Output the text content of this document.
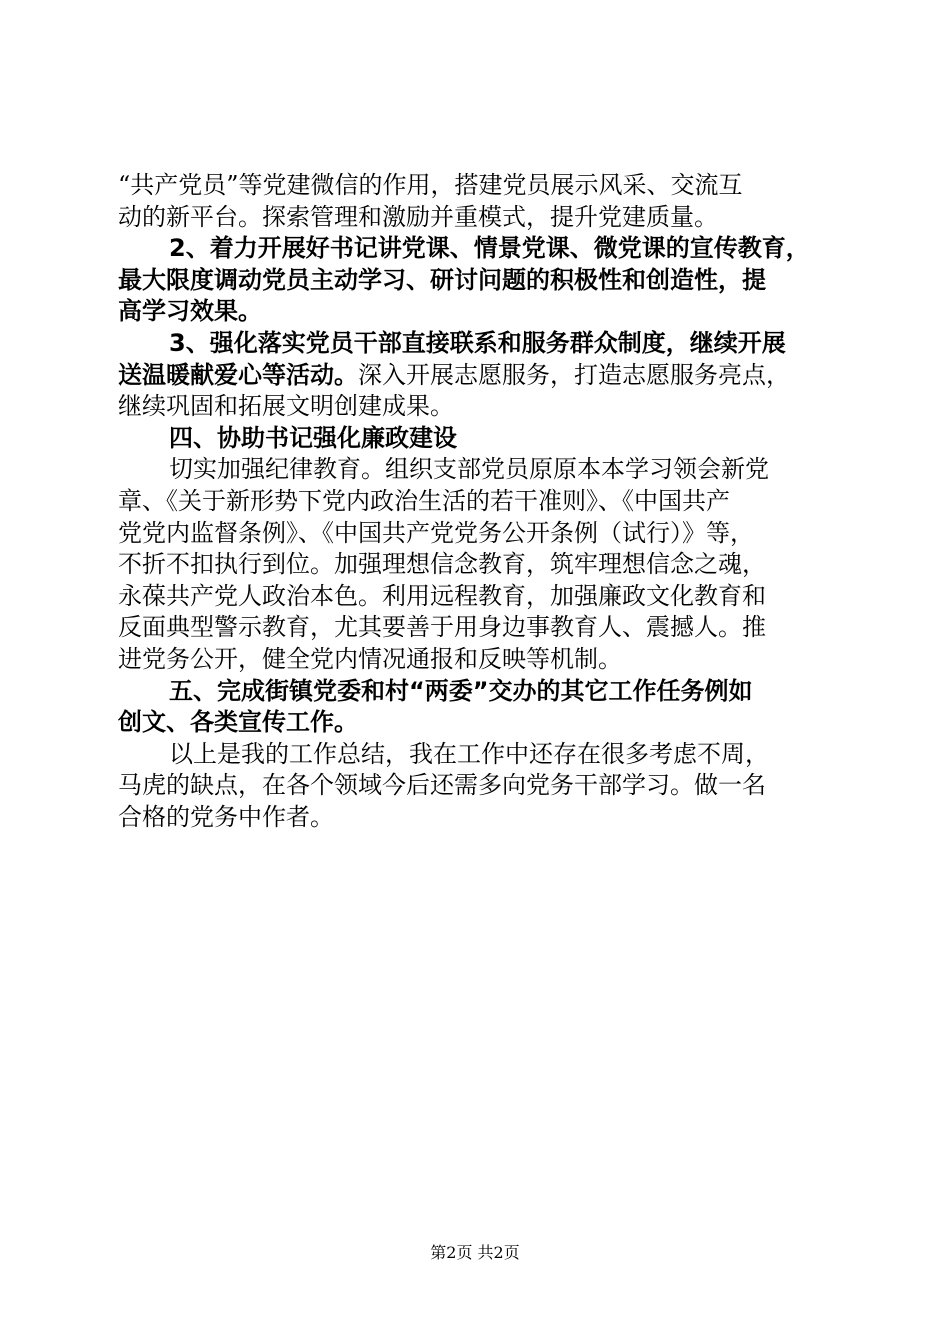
“共产党员”等党建微信的作用，搭建党员展示风采、交流互
动的新平台。探索管理和激励并重模式，提升党建质量。
2、着力开展好书记讲党课、情景党课、微党课的宣传教育，
最大限度调动党员主动学习、研讨问题的积极性和创造性，提
高学习效果。
3、强化落实党员干部直接联系和服务群众制度，继续开展
送温暖献爱心等活动。深入开展志愿服务，打造志愿服务亮点，
继续巩固和拓展文明创建成果。
四、协助书记强化廉政建设
切实加强纪律教育。组织支部党员原原本本学习领会新党
章、《关于新形势下党内政治生活的若干准则》、《中国共产
党党内监督条例》、《中国共产党党务公开条例（试行）》等，
不折不扣执行到位。加强理想信念教育，筑牢理想信念之魂，
永葆共产党人政治本色。利用远程教育，加强廉政文化教育和
反面典型警示教育，尤其要善于用身边事教育人、震撼人。推
进党务公开，健全党内情况通报和反映等机制。
五、完成街镇党委和村“两委”交办的其它工作任务例如
创文、各类宣传工作。
以上是我的工作总结，我在工作中还存在很多考虑不周，
马虎的缺点，在各个领域今后还需多向党务干部学习。做一名
合格的党务中作者。
第2页 共2页
